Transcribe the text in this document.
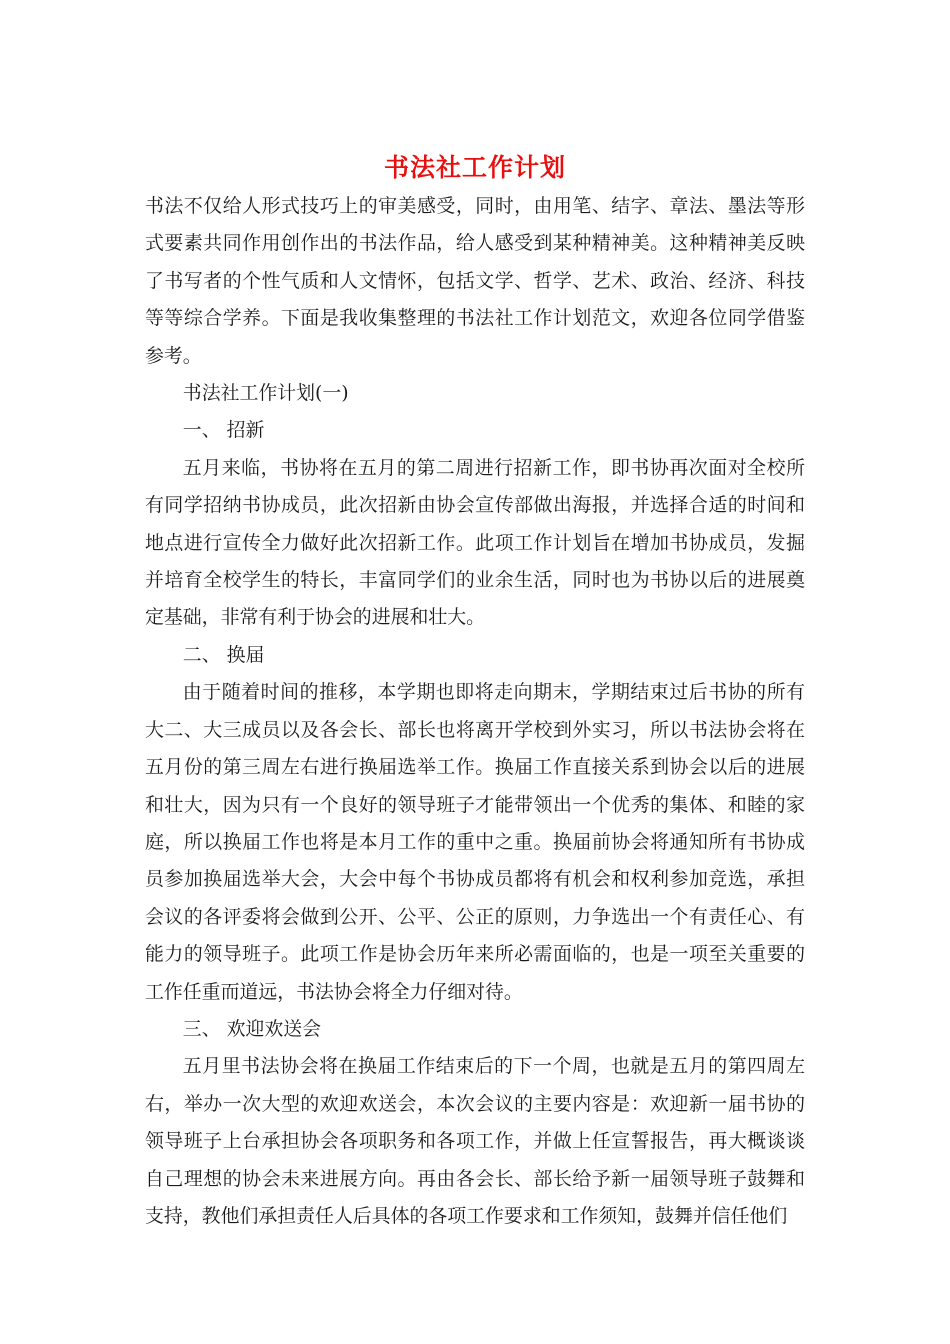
书法社工作计划

书法不仅给人形式技巧上的审美感受，同时，由用笔、结字、章法、墨法等形式要素共同作用创作出的书法作品，给人感受到某种精神美。这种精神美反映了书写者的个性气质和人文情怀，包括文学、哲学、艺术、政治、经济、科技等等综合学养。下面是我收集整理的书法社工作计划范文，欢迎各位同学借鉴参考。

书法社工作计划(一)

一、 招新

五月来临，书协将在五月的第二周进行招新工作，即书协再次面对全校所有同学招纳书协成员，此次招新由协会宣传部做出海报，并选择合适的时间和地点进行宣传全力做好此次招新工作。此项工作计划旨在增加书协成员，发掘并培育全校学生的特长，丰富同学们的业余生活，同时也为书协以后的进展奠定基础，非常有利于协会的进展和壮大。

二、 换届

由于随着时间的推移，本学期也即将走向期末，学期结束过后书协的所有大二、大三成员以及各会长、部长也将离开学校到外实习，所以书法协会将在五月份的第三周左右进行换届选举工作。换届工作直接关系到协会以后的进展和壮大，因为只有一个良好的领导班子才能带领出一个优秀的集体、和睦的家庭，所以换届工作也将是本月工作的重中之重。换届前协会将通知所有书协成员参加换届选举大会，大会中每个书协成员都将有机会和权利参加竞选，承担会议的各评委将会做到公开、公平、公正的原则，力争选出一个有责任心、有能力的领导班子。此项工作是协会历年来所必需面临的，也是一项至关重要的工作任重而道远，书法协会将全力仔细对待。

三、 欢迎欢送会

五月里书法协会将在换届工作结束后的下一个周，也就是五月的第四周左右，举办一次大型的欢迎欢送会，本次会议的主要内容是：欢迎新一届书协的领导班子上台承担协会各项职务和各项工作，并做上任宣誓报告，再大概谈谈自己理想的协会未来进展方向。再由各会长、部长给予新一届领导班子鼓舞和支持，教他们承担责任人后具体的各项工作要求和工作须知，鼓舞并信任他们
